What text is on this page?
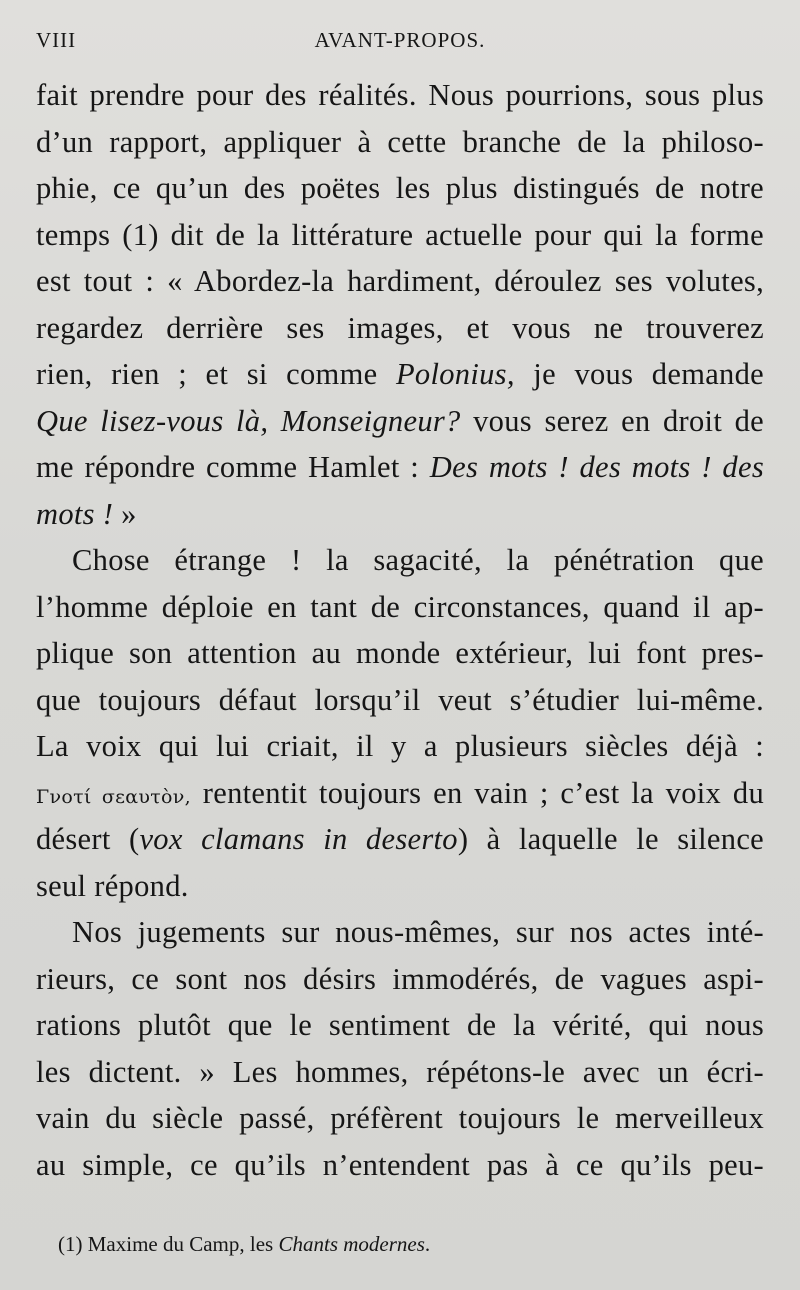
VIII	AVANT-PROPOS.
fait prendre pour des réalités. Nous pourrions, sous plus
d’un rapport, appliquer à cette branche de la philoso-
phie, ce qu’un des poëtes les plus distingués de notre
temps (1) dit de la littérature actuelle pour qui la forme
est tout : « Abordez-la hardiment, déroulez ses volutes,
regardez derrière ses images, et vous ne trouverez
rien, rien ; et si comme Polonius, je vous demande
Que lisez-vous là, Monseigneur? vous serez en droit de
me répondre comme Hamlet : Des mots ! des mots ! des
mots ! »
Chose étrange ! la sagacité, la pénétration que
l’homme déploie en tant de circonstances, quand il ap-
plique son attention au monde extérieur, lui font pres-
que toujours défaut lorsqu’il veut s’étudier lui-même.
La voix qui lui criait, il y a plusieurs siècles déjà :
Γνοτί σεαυτὸν, rententit toujours en vain ; c’est la voix du
désert (vox clamans in deserto) à laquelle le silence
seul répond.
Nos jugements sur nous-mêmes, sur nos actes inté-
rieurs, ce sont nos désirs immodérés, de vagues aspi-
rations plutôt que le sentiment de la vérité, qui nous
les dictent. » Les hommes, répétons-le avec un écri-
vain du siècle passé, préfèrent toujours le merveilleux
au simple, ce qu’ils n’entendent pas à ce qu’ils peu-
(1) Maxime du Camp, les Chants modernes.
